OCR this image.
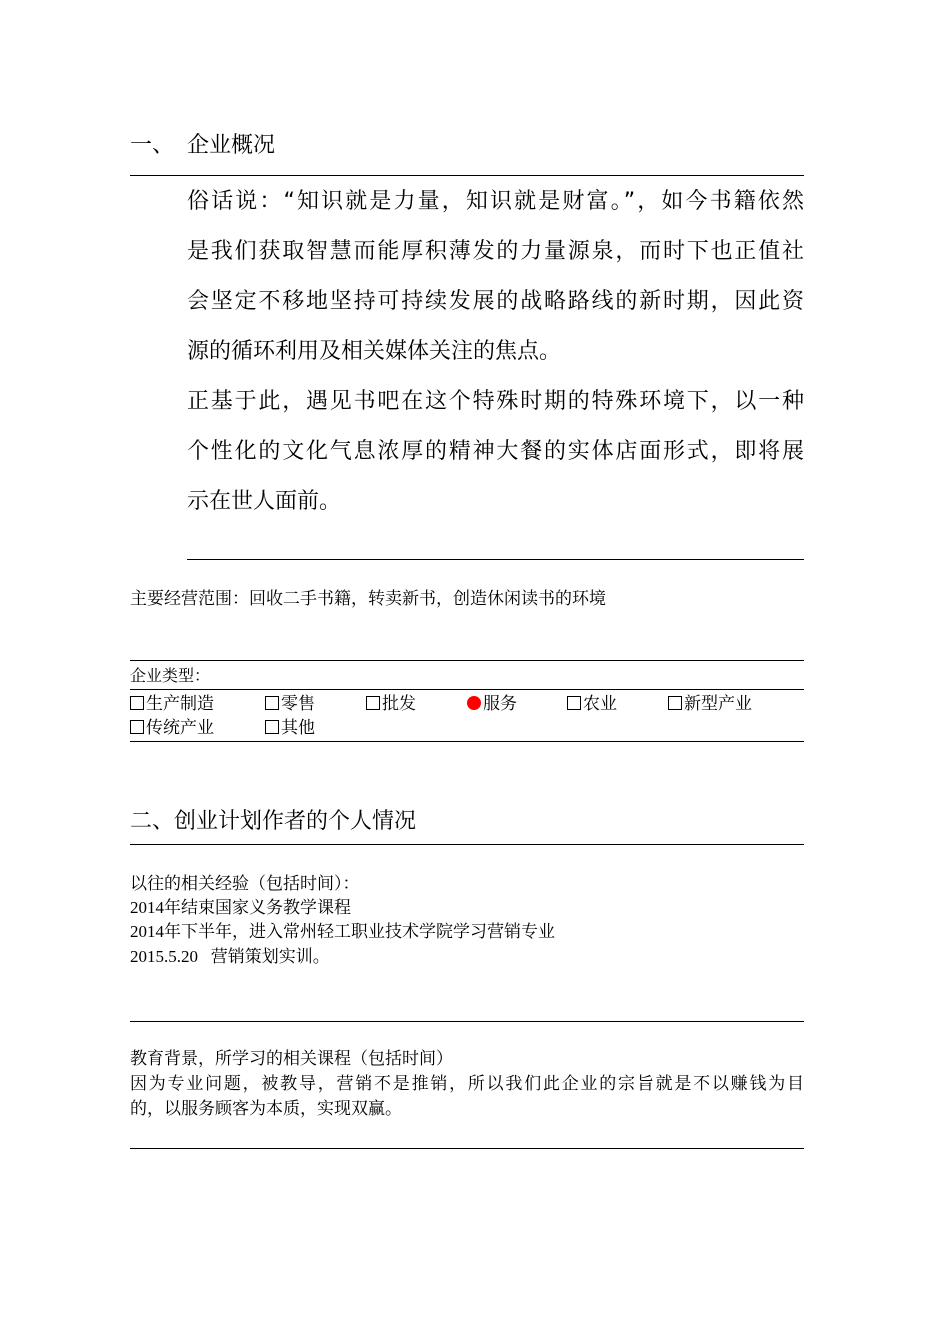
一、 企业概况
俗话说：“知识就是力量，知识就是财富。”，如今书籍依然
是我们获取智慧而能厚积薄发的力量源泉，而时下也正值社
会坚定不移地坚持可持续发展的战略路线的新时期，因此资
源的循环利用及相关媒体关注的焦点。
正基于此，遇见书吧在这个特殊时期的特殊环境下，以一种
个性化的文化气息浓厚的精神大餐的实体店面形式，即将展
示在世人面前。
主要经营范围：回收二手书籍，转卖新书，创造休闲读书的环境
企业类型：
生产制造	零售	批发	服务	农业	新型产业
传统产业	其他
二、创业计划作者的个人情况
以往的相关经验（包括时间）：
2014年结束国家义务教学课程
2014年下半年，进入常州轻工职业技术学院学习营销专业
2015.5.20   营销策划实训。
教育背景，所学习的相关课程（包括时间）
因为专业问题，被教导，营销不是推销，所以我们此企业的宗旨就是不以赚钱为目
的，以服务顾客为本质，实现双赢。
